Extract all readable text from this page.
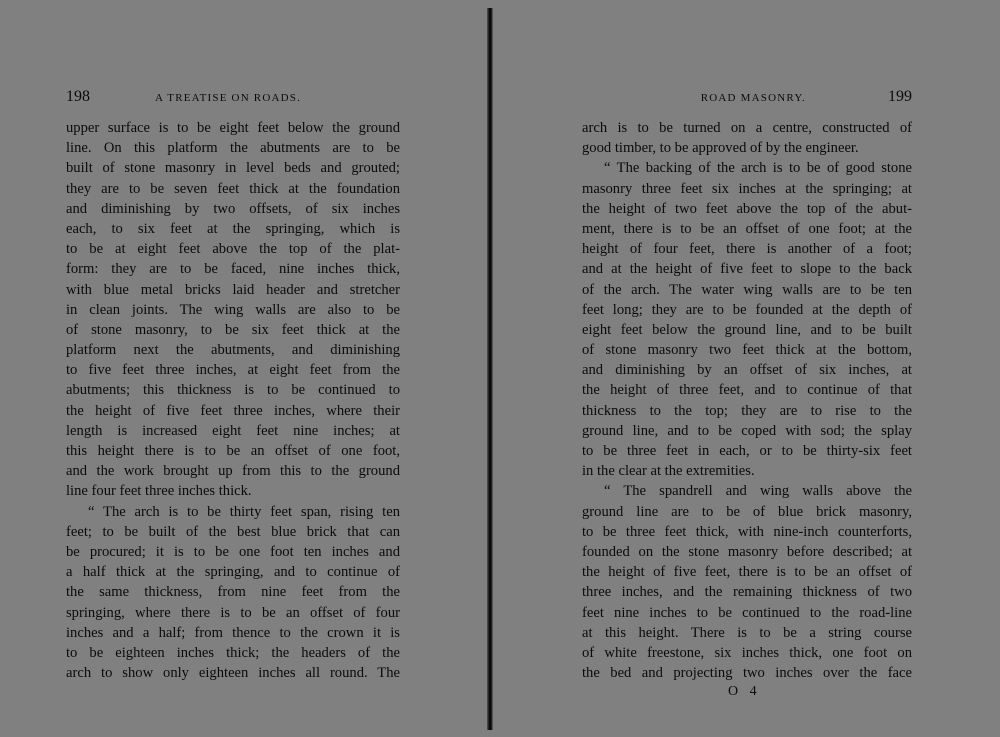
198	A TREATISE ON ROADS.
upper surface is to be eight feet below the ground
line. On this platform the abutments are to be
built of stone masonry in level beds and grouted;
they are to be seven feet thick at the foundation
and diminishing by two offsets, of six inches
each, to six feet at the springing, which is
to be at eight feet above the top of the plat-
form: they are to be faced, nine inches thick,
with blue metal bricks laid header and stretcher
in clean joints. The wing walls are also to be
of stone masonry, to be six feet thick at the
platform next the abutments, and diminishing
to five feet three inches, at eight feet from the
abutments; this thickness is to be continued to
the height of five feet three inches, where their
length is increased eight feet nine inches; at
this height there is to be an offset of one foot,
and the work brought up from this to the ground
line four feet three inches thick.
“ The arch is to be thirty feet span, rising ten
feet; to be built of the best blue brick that can
be procured; it is to be one foot ten inches and
a half thick at the springing, and to continue of
the same thickness, from nine feet from the
springing, where there is to be an offset of four
inches and a half; from thence to the crown it is
to be eighteen inches thick; the headers of the
arch to show only eighteen inches all round. The
ROAD MASONRY.	199
arch is to be turned on a centre, constructed of
good timber, to be approved of by the engineer.
“ The backing of the arch is to be of good stone
masonry three feet six inches at the springing; at
the height of two feet above the top of the abut-
ment, there is to be an offset of one foot; at the
height of four feet, there is another of a foot;
and at the height of five feet to slope to the back
of the arch. The water wing walls are to be ten
feet long; they are to be founded at the depth of
eight feet below the ground line, and to be built
of stone masonry two feet thick at the bottom,
and diminishing by an offset of six inches, at
the height of three feet, and to continue of that
thickness to the top; they are to rise to the
ground line, and to be coped with sod; the splay
to be three feet in each, or to be thirty-six feet
in the clear at the extremities.
“ The spandrell and wing walls above the
ground line are to be of blue brick masonry,
to be three feet thick, with nine-inch counterforts,
founded on the stone masonry before described; at
the height of five feet, there is to be an offset of
three inches, and the remaining thickness of two
feet nine inches to be continued to the road-line
at this height. There is to be a string course
of white freestone, six inches thick, one foot on
the bed and projecting two inches over the face
O 4
